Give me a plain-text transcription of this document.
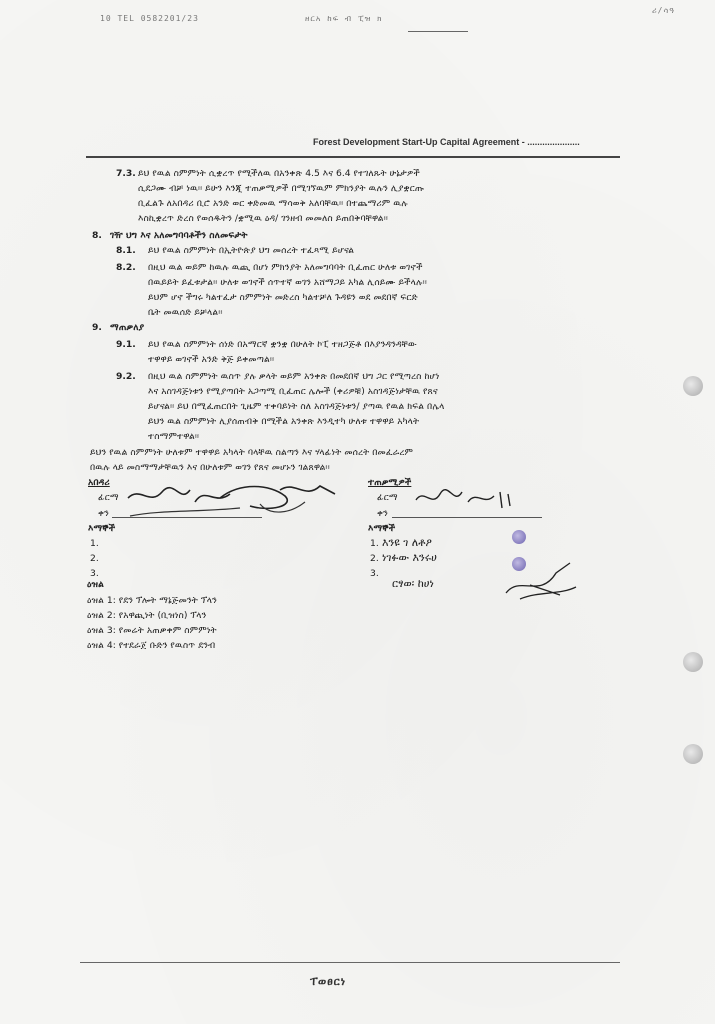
10 TEL 0582201/23	ዘርአ ከፍ ብ ፒዝ ክ
ሪ/ሳዓ
Forest Development Start-Up Capital Agreement - .....................
7.3. ይህ የዉል ስምምነት ሲቋረጥ የሚችለዉ በአንቀጽ 4.5 እና 6.4 የተገለጹት ሁኔታዎች
ሲደጋሙ ብቻ ነዉ፡፡ ይሁን እንጂ ተጠቃሚዎች በሚገኘዉም ምክንያት ዉሉን ሊያቋርጡ
ቢፈልጉ ለአበዳሪ ቢሮ አንድ ወር ቀድመዉ ማሳወቅ አለባቸዉ፡፡ በተጨማሪም ዉሉ
እስኪቋረጥ ድረስ የወሰዱትን /ቋሚዉ ዕዳ/ ገንዘብ መመለስ ይጠበቅባቸዋል፡፡
8. ገዥ ህግ እና አለመግባባቶችን ስለመፍታት
8.1. ይህ የዉል ስምምነት በኢትዮጵያ ህግ መሰረት ተፈጻሚ ይሆናል
8.2. በዚህ ዉል ወይም ከዉሉ ዉጪ በሆነ ምክንያት አለመግባባት ቢፈጠር ሁለቱ ወገኖች
በዉይይት ይፈቱታል፡፡ ሁለቱ ወገኖች ሰጥተኛ ወገን አሸማጋይ አካል ሊሰይሙ ይችላሉ፡፡
ይህም ሆኖ ችግሩ ካልተፈታ ስምምነት መድረስ ካልተቻለ ጉዳዩን ወደ መደበኛ ፍርድ
ቤት መዉሰድ ይቻላል፡፡
9. ማጠቃለያ
9.1. ይህ የዉል ስምምነት ሰነድ በአማርኛ ቋንቋ በሁለት ኮፒ ተዘጋጅቶ በእያንዳንዳቸው
ተዋዋይ ወገኖች አንድ ቅጅ ይቀመጣል፡፡
9.2. በዚህ ዉል ስምምነት ዉስጥ ያሉ ቃላት ወይም አንቀጽ በመደበኛ ህግ ጋር የሚጣረስ ከሆነ
እና አስገዳጅነቱን የሚያጣበት አጋጣሚ ቢፈጠር ሌሎች (ቀሪዎቹ) አስገዳጅነታቸዉ የጸና
ይሆናል፡፡ ይህ በሚፈጠርበት ጊዜም ተቀባይነት ስለ አስገዳጅነቱን/ ያጣዉ የዉል ክፍል በሌላ
ይህን ዉል ስምምነት ሊያሰጠብቅ በሚችል አንቀጽ እንዲተካ ሁለቱ ተዋዋይ አካላት
ተስማምተዋል፡፡
ይህን የዉል ስምምነት ሁለቱም ተዋዋይ አካላት ባላቸዉ ስልጣን እና ሃላፊነት መሰረት በመፈራረም
በዉሉ ላይ መስማማታቸዉን እና በሁለቱም ወገን የጸና መሆኑን ገልጸዋል፡፡
አበዳሪ
ፊርማ
ቀን
እማኞች
1.
2.
3.
ተጠቃሚዎች
ፊርማ
ቀን
እማኞች
1. እንዩ ገ ለቶዖ
2. ነገፉው እንሩሀ
3.
ርፃወ፡ ከሀነ
ዕዝል
ዕዝል 1: የደን ፕሎት ማኔጅመንት ፕላን
ዕዝል 2: የአዋጪነት (ቢዝነስ) ፕላን
ዕዝል 3: የመሬት አጠቃቀም ስምምነት
ዕዝል 4: የተደራጀ ቡድን የዉስጥ ደንብ
ፐወፀርነ
